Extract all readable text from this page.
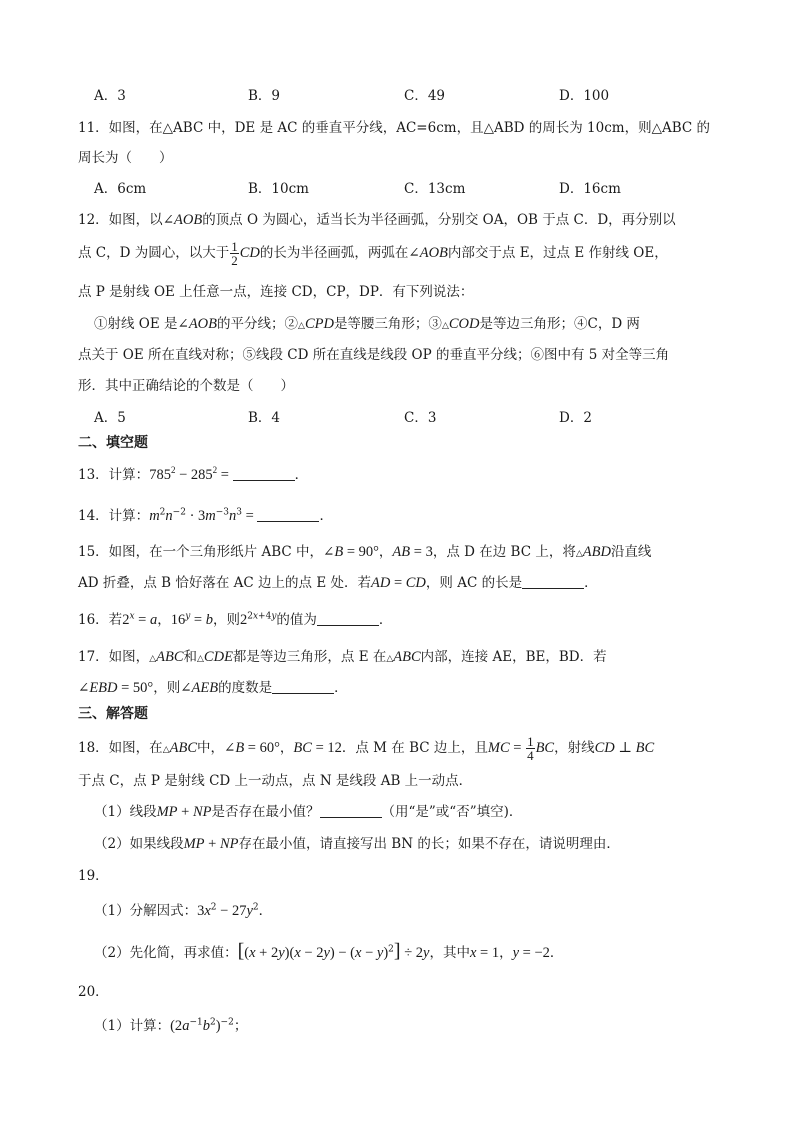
A．3	B．9	C．49	D．100
11．如图，在△ABC 中，DE 是 AC 的垂直平分线，AC=6cm，且△ABD 的周长为 10cm，则△ABC 的
周长为（　　）
A．6cm	B．10cm	C．13cm	D．16cm
12．如图，以∠AOB的顶点 O 为圆心，适当长为半径画弧，分别交 OA，OB 于点 C．D，再分别以
点 C，D 为圆心，以大于 $\frac{1}{2}$ CD的长为半径画弧，两弧在∠AOB内部交于点 E，过点 E 作射线 OE，
点 P 是射线 OE 上任意一点，连接 CD，CP，DP．有下列说法：
①射线 OE 是∠AOB的平分线；②△CPD是等腰三角形；③△COD是等边三角形；④C，D 两
点关于 OE 所在直线对称；⑤线段 CD 所在直线是线段 OP 的垂直平分线；⑥图中有 5 对全等三角
形．其中正确结论的个数是（　　）
A．5	B．4	C．3	D．2
二、填空题
13．计算：$785^2 - 285^2$ =	．
14．计算：$m^2n^{-2} \cdot 3m^{-3}n^3$ =	．
15．如图，在一个三角形纸片 ABC 中，∠B = 90°，AB = 3，点 D 在边 BC 上，将△ABD沿直线
AD 折叠，点 B 恰好落在 AC 边上的点 E 处．若AD = CD，则 AC 的长是	．
16．若$2^x = a$，$16^y = b$，则$2^{2x+4y}$的值为	．
17．如图，△ABC和△CDE都是等边三角形，点 E 在△ABC内部，连接 AE，BE，BD．若
∠EBD = 50°，则∠AEB的度数是	．
三、解答题
18．如图，在△ABC中，∠B = 60°，BC = 12．点 M 在 BC 边上，且MC = $\frac{1}{4}$ BC，射线CD ⊥ BC
于点 C，点 P 是射线 CD 上一动点，点 N 是线段 AB 上一动点．
（1）线段MP + NP是否存在最小值？	（用“是”或“否”填空)．
（2）如果线段MP + NP存在最小值，请直接写出 BN 的长；如果不存在，请说明理由．
19．
（1）分解因式：$3x^2 - 27y^2$．
（2）先化简，再求值：$[(x + 2y)(x - 2y) - (x - y)^2] \div 2y$，其中x = 1，y = −2．
20．
（1）计算：$(2a^{-1}b^2)^{-2}$；
